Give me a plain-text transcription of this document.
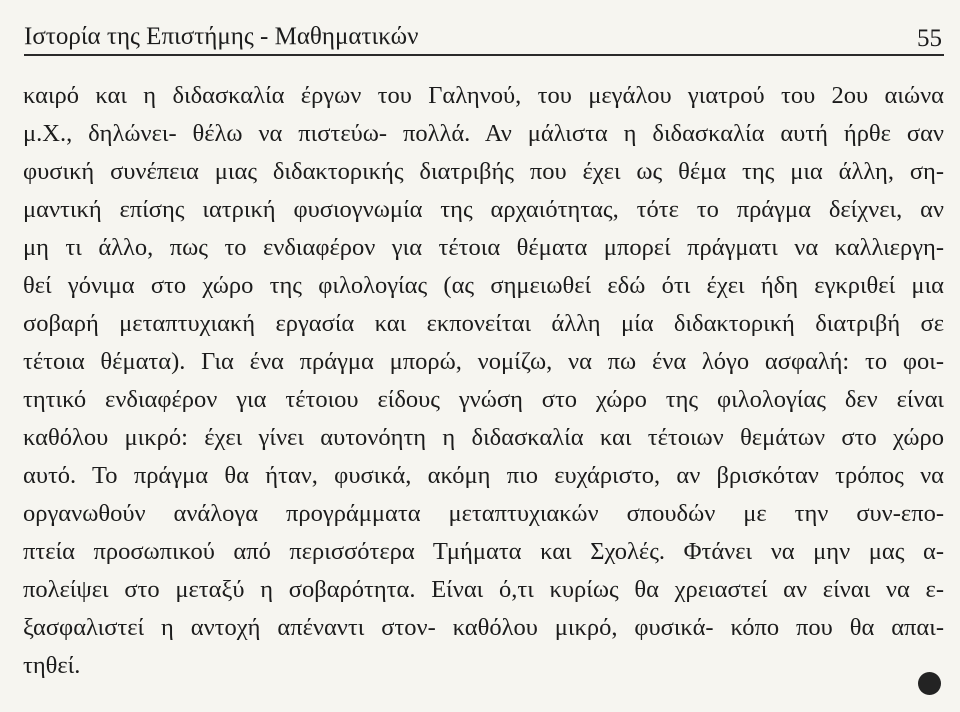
Ιστορία της Επιστήμης - Μαθηματικών	55
καιρό και η διδασκαλία έργων του Γαληνού, του μεγάλου γιατρού του 2ου αιώνα
μ.Χ., δηλώνει- θέλω να πιστεύω- πολλά. Αν μάλιστα η διδασκαλία αυτή ήρθε σαν
φυσική συνέπεια μιας διδακτορικής διατριβής που έχει ως θέμα της μια άλλη, ση-
μαντική επίσης ιατρική φυσιογνωμία της αρχαιότητας, τότε το πράγμα δείχνει, αν
μη τι άλλο, πως το ενδιαφέρον για τέτοια θέματα μπορεί πράγματι να καλλιεργη-
θεί γόνιμα στο χώρο της φιλολογίας (ας σημειωθεί εδώ ότι έχει ήδη εγκριθεί μια
σοβαρή μεταπτυχιακή εργασία και εκπονείται άλλη μία διδακτορική διατριβή σε
τέτοια θέματα). Για ένα πράγμα μπορώ, νομίζω, να πω ένα λόγο ασφαλή: το φοι-
τητικό ενδιαφέρον για τέτοιου είδους γνώση στο χώρο της φιλολογίας δεν είναι
καθόλου μικρό: έχει γίνει αυτονόητη η διδασκαλία και τέτοιων θεμάτων στο χώρο
αυτό. Το πράγμα θα ήταν, φυσικά, ακόμη πιο ευχάριστο, αν βρισκόταν τρόπος να
οργανωθούν ανάλογα προγράμματα μεταπτυχιακών σπουδών με την συν-επο-
πτεία προσωπικού από περισσότερα Τμήματα και Σχολές. Φτάνει να μην μας α-
πολείψει στο μεταξύ η σοβαρότητα. Είναι ό,τι κυρίως θα χρειαστεί αν είναι να ε-
ξασφαλιστεί η αντοχή απέναντι στον- καθόλου μικρό, φυσικά- κόπο που θα απαι-
τηθεί.
